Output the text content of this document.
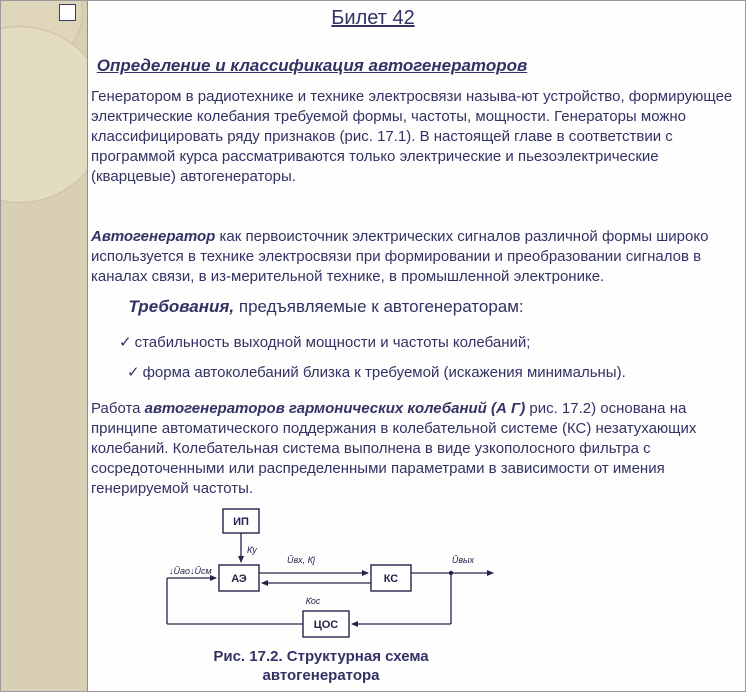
Билет 42
Определение и классификация автогенераторов

Генератором в радиотехнике и технике электросвязи называ-ют устройство, формирующее электрические колебания требуемой формы, частоты, мощности. Генераторы можно классифицировать ряду признаков (рис. 17.1). В настоящей главе в соответствии с программой курса рассматриваются только электрические и пьезоэлектрические (кварцевые) автогенераторы.

Автогенератор как первоисточник электрических сигналов различной формы широко используется в технике электросвязи при формировании и преобразовании сигналов в каналах связи, в из-мерительной технике, в промышленной электронике.

Требования, предъявляемые к автогенераторам:
✓ стабильность выходной мощности и частоты колебаний;
✓ форма автоколебаний близка к требуемой (искажения минимальны).

Работа автогенераторов гармонических колебаний (А Г) рис. 17.2) основана на принципе автоматического поддержания в колебательной системе (КС) незатухающих колебаний. Колебательная система выполнена в виде узкополосного фильтра с сосредоточенными или распределенными параметрами в зависимости от имения генерируемой частоты.

ИП
АЭ	КС
ЦОС
К̄у
Ūвх, К̄ј	Ūвых
К̄ос
↓Ūао↓Ūсм
Рис. 17.2. Структурная схема
автогенератора
